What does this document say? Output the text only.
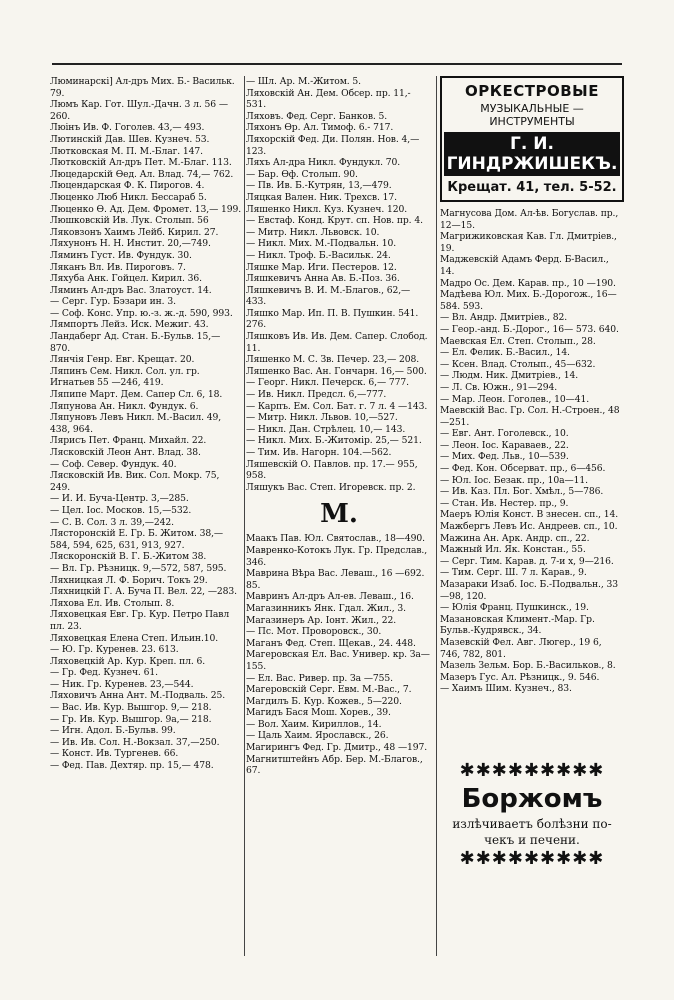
Люминарскі] Ал-дръ Мих. Б.- Васильк. 79.

Люмъ Кар. Гот. Шул.-Дачн. 3 л. 56 —260.

Люінъ Ив. Ф. Гоголев. 43,— 493.

Лютинскій Дав. Шев. Кузнеч. 53.

Лютковская М. П. М.-Благ. 147.

Лютковскій Ал-дръ Пет. М.-Благ. 113.

Люцедарскій Ѳед. Ал. Влад. 74,— 762.

Люцендарская Ф. К. Пирогов. 4.

Люценко Люб Никл. Бессараб 5.

Люценко Ѳ. Ад. Дем. Фромет. 13,— 199.

Люшковскій Ив. Лук. Столып. 56

Ляковзонъ Хаимъ Лейб. Кирил. 27.

Ляхунонъ Н. Н. Инстит. 20,—749.

Ляминъ Густ. Ив. Фундук. 30.

Ляканъ Вл. Ив. Пироговъ. 7.

Ляхуба Анк. Гойцел. Кирил. 36.

Ляминъ Ал-дръ Вас. Златоуст. 14.

— Серг. Гур. Бэзари ин. 3.

— Соф. Конс. Упр. ю.-з. ж.-д. 590, 993.

Лямпортъ Лейз. Иск. Межиг. 43.

Ландаберг Ад. Стан. Б.-Бульв. 15,— 870.

Лянчія Генр. Евг. Крещат. 20.

Ляпинъ Сем. Никл. Сол. ул. гр. Игнатьев 55 —246, 419.

Ляпипе Март. Дем. Сапер Сл. 6, 18.

Ляпунова Ан. Никл. Фундук. 6.

Ляпуновъ Левъ Никл. М.-Васил. 49, 438, 964.

Лярисъ Пет. Франц. Михайл. 22.

Лясковскій Леон Ант. Влад. 38.

— Соф. Север. Фундук. 40.

Лясковскій Ив. Вик. Сол. Мокр. 75, 249.

— И. И. Буча-Центр. 3,—285.

— Цел. Іос. Москов. 15,—532.

— С. В. Сол. 3 л. 39,—242.

Лясторонскій Е. Гр. Б. Житом. 38,— 584, 594, 625, 631, 913, 927.

Ляскоронскій В. Г. Б.-Житом 38.

— Вл. Гр. Рѣзницк. 9,—572, 587, 595.

Ляхницкая Л. Ф. Борич. Токъ 29.

Ляхницкій Г. А. Буча П. Вел. 22, —283.

Ляхова Ел. Ив. Столып. 8.

Ляховецкая Евг. Гр. Кур. Петро Павл пл. 23.

Ляховецкая Елена Степ. Ильин.10.

— Ю. Гр. Куренев. 23. 613.

Ляховецкій Ар. Кур. Креп. пл. 6.

— Гр. Фед. Кузнеч. 61.

— Ник. Гр. Куренев. 23,—544.

Ляховичъ Анна Ант. М.-Подваль. 25.

— Вас. Ив. Кур. Вышгор. 9,— 218.

— Гр. Ив. Кур. Вышгор. 9а,— 218.

— Игн. Адол. Б.-Бульв. 99.

— Ив. Ив. Сол. Н.-Вокзал. 37,—250.

— Конст. Ив. Тургенев. 66.

— Фед. Пав. Дехтяр. пр. 15,— 478.

— Шл. Ар. М.-Житом. 5.

Ляховскій Ан. Дем. Обсер. пр. 11,- 531.

Ляховъ. Фед. Серг. Банков. 5.

Ляхонъ Ѳр. Ал. Тимоф. 6.- 717.

Ляхорскій Фед. Ди. Полян. Нов. 4,—123.

Ляхъ Ал-дра Никл. Фундукл. 70.

— Бар. Ѳф. Столып. 90.

— Пв. Ив. Б.-Кутрян, 13,—479.

Ляцкая Вален. Ник. Трехсв. 17.

Ляшенко Никл. Куз. Кузнеч. 120.

— Евстаф. Конд. Крут. сп. Нов. пр. 4.

— Митр. Никл. Львовск. 10.

— Никл. Мих. М.-Подвальн. 10.

— Никл. Троф. Б.-Васильк. 24.

Ляшке Мар. Иги. Пестеров. 12.

Ляшкевичъ Анна Ав. Б.-Поз. 36.

Ляшкевичъ В. И. М.-Благов., 62,— 433.

Ляшко Мар. Ип. П. В. Пушкин. 541. 276.

Ляшковъ Ив. Ив. Дем. Сапер. Слобод. 11.

Ляшенко М. С. Зв. Печер. 23,— 208.

Ляшенко Вас. Ан. Гончарн. 16,— 500.

— Георг. Никл. Печерск. 6,— 777.

— Ив. Никл. Предсл. 6,—777.

— Карпъ. Ем. Сол. Бат. г. 7 л. 4 —143.

— Митр. Никл. Львов. 10,—527.

— Никл. Дан. Стрѣлец. 10,— 143.

— Никл. Мих. Б.-Житомір. 25,— 521.

— Тим. Ив. Нагорн. 104.—562.

Ляшевскій О. Павлов. пр. 17.— 955, 958.

Ляшукъ Вас. Степ. Игоревск. пр. 2.

М.

Маакъ Пав. Юл. Святослав., 18—490.

Мавренко-Котокъ Лук. Гр. Предслав., 346.

Маврина Вѣра Вас. Леваш., 16 —692. 85.

Мавринъ Ал-дръ Ал-ев. Леваш., 16.

Магазинникъ Янк. Гдал. Жил., 3.

Магазинеръ Ар. Іонт. Жил., 22.

— Пс. Мот. Проворовск., 30.

Маганъ Фед. Степ. Щекав., 24. 448.

Магеровская Ел. Вас. Универ. кр. За—155.

— Ел. Вас. Ривер. пр. За —755.

Магеровскій Серг. Евм. М.-Вас., 7.

Магдилъ Б. Кур. Кожев., 5—220.

Магидъ Бася Мош. Хорев., 39.

— Вол. Хаим. Кириллов., 14.

— Цаль Хаим. Ярославск., 26.

Магирингъ Фед. Гр. Дмитр., 48 —197.

Магнитштейнъ Абр. Бер. М.-Благов., 67.

ОРКЕСТРОВЫЕ
МУЗЫКАЛЬНЫЕ — ИНСТРУМЕНТЫ
Г. И. ГИНДРЖИШЕКЪ.
Крещат. 41, тел. 5-52.

Магнусова Дом. Ал-ѣв. Богуслав. пр., 12—15.

Магрижиковская Кав. Гл. Дмитріев., 19.

Маджевскій Адамъ Ферд. Б-Васил., 14.

Мадро Ос. Дем. Карав. пр., 10 —190.

Мадѣева Юл. Мих. Б.-Дорогож., 16—584. 593.

— Вл. Андр. Дмитріев., 82.

— Геор.-анд. Б.-Дорог., 16— 573. 640.

Маевская Ел. Степ. Столып., 28.

— Ел. Фелик. Б.-Васил., 14.

— Ксен. Влад. Столып., 45—632.

— Людм. Ник. Дмитріев., 14.

— Л. Св. Южн., 91—294.

— Мар. Леон. Гоголев., 10—41.

Маевскій Вас. Гр. Сол. Н.-Строен., 48—251.

— Евг. Ант. Гоголевск., 10.

— Леон. Іос. Караваев., 22.

— Мих. Фед. Льв., 10—539.

— Фед. Кон. Обсерват. пр., 6—456.

— Юл. Іос. Безак. пр., 10а—11.

— Ив. Каз. Пл. Бог. Хмѣл., 5—786.

— Стан. Ив. Нестер. пр., 9.

Маеръ Юлія Конст. В знесен. сп., 14.

Мажбергъ Левъ Ис. Андреев. сп., 10.

Мажина Ан. Арк. Андр. сп., 22.

Мажный Ил. Як. Констан., 55.

— Серг. Тим. Карав. д. 7-и х, 9—216.

— Тим. Серг. Ш. 7 л. Карав., 9.

Мазараки Изаб. Іос. Б.-Подвальн., 33—98, 120.

— Юлія Франц. Пушкинск., 19.

Мазановская Климент.-Мар. Гр. Бульв.-Кудрявск., 34.

Мазевскій Фел. Авг. Люгер., 19 6, 746, 782, 801.

Мазель Зельм. Бор. Б.-Васильков., 8.

Мазеръ Гус. Ал. Рѣзницк., 9. 546.

— Хаимъ Шим. Кузнеч., 83.

✱✱✱✱✱✱✱✱✱
Боржомъ
излѣчиваетъ болѣзни по-
чекъ и печени.
✱✱✱✱✱✱✱✱✱
